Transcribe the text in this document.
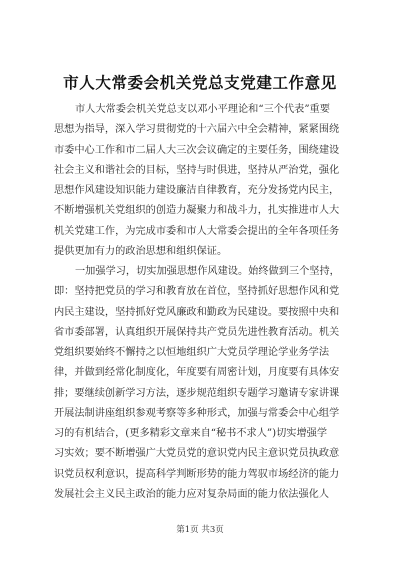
市人大常委会机关党总支党建工作意见
市人大常委会机关党总支以邓小平理论和“三个代表”重要
思想为指导，深入学习贯彻党的十六届六中全会精神，紧紧围绕
市委中心工作和市二届人大三次会议确定的主要任务，围绕建设
社会主义和谐社会的目标，坚持与时俱进，坚持从严治党，强化
思想作风建设知识能力建设廉洁自律教育，充分发扬党内民主，
不断增强机关党组织的创造力凝聚力和战斗力，扎实推进市人大
机关党建工作，为完成市委和市人大常委会提出的全年各项任务
提供更加有力的政治思想和组织保证。
一加强学习，切实加强思想作风建设。始终做到三个坚持，
即：坚持把党员的学习和教育放在首位，坚持抓好思想作风和党
内民主建设，坚持抓好党风廉政和勤政为民建设。要按照中央和
省市委部署，认真组织开展保持共产党员先进性教育活动。机关
党组织要始终不懈持之以恒地组织广大党员学理论学业务学法
律，并做到经常化制度化，年度要有周密计划，月度要有具体安
排；要继续创新学习方法，逐步规范组织专题学习邀请专家讲课
开展法制讲座组织参观考察等多种形式，加强与常委会中心组学
习的有机结合，(更多精彩文章来自“秘书不求人”)切实增强学
习实效；要不断增强广大党员党的意识党内民主意识党员执政意
识党员权利意识，提高科学判断形势的能力驾驭市场经济的能力
发展社会主义民主政治的能力应对复杂局面的能力依法强化人
第1页 共3页
